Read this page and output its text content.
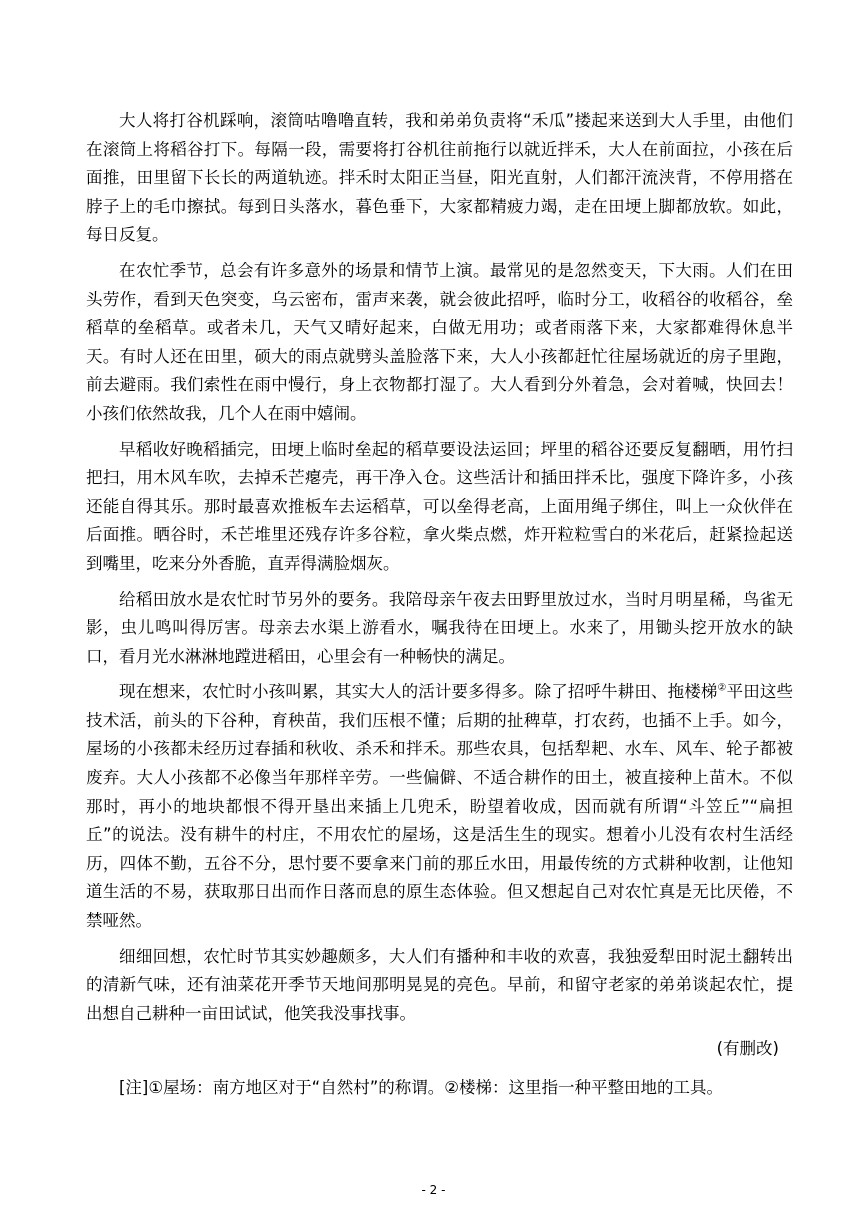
大人将打谷机踩响，滚筒咕噜噜直转，我和弟弟负责将“禾瓜”搂起来送到大人手里，由他们在滚筒上将稻谷打下。每隔一段，需要将打谷机往前拖行以就近拌禾，大人在前面拉，小孩在后面推，田里留下长长的两道轨迹。拌禾时太阳正当昼，阳光直射，人们都汗流浃背，不停用搭在脖子上的毛巾擦拭。每到日头落水，暮色垂下，大家都精疲力竭，走在田埂上脚都放软。如此，每日反复。

在农忙季节，总会有许多意外的场景和情节上演。最常见的是忽然变天，下大雨。人们在田头劳作，看到天色突变，乌云密布，雷声来袭，就会彼此招呼，临时分工，收稻谷的收稻谷，垒稻草的垒稻草。或者未几，天气又晴好起来，白做无用功；或者雨落下来，大家都难得休息半天。有时人还在田里，硕大的雨点就劈头盖脸落下来，大人小孩都赶忙往屋场就近的房子里跑，前去避雨。我们索性在雨中慢行，身上衣物都打湿了。大人看到分外着急，会对着喊，快回去！小孩们依然故我，几个人在雨中嬉闹。

早稻收好晚稻插完，田埂上临时垒起的稻草要设法运回；坪里的稻谷还要反复翻晒，用竹扫把扫，用木风车吹，去掉禾芒瘪壳，再干净入仓。这些活计和插田拌禾比，强度下降许多，小孩还能自得其乐。那时最喜欢推板车去运稻草，可以垒得老高，上面用绳子绑住，叫上一众伙伴在后面推。晒谷时，禾芒堆里还残存许多谷粒，拿火柴点燃，炸开粒粒雪白的米花后，赶紧捡起送到嘴里，吃来分外香脆，直弄得满脸烟灰。

给稻田放水是农忙时节另外的要务。我陪母亲午夜去田野里放过水，当时月明星稀，鸟雀无影，虫儿鸣叫得厉害。母亲去水渠上游看水，嘱我待在田埂上。水来了，用锄头挖开放水的缺口，看月光水淋淋地蹚进稻田，心里会有一种畅快的满足。

现在想来，农忙时小孩叫累，其实大人的活计要多得多。除了招呼牛耕田、拖楼梯②平田这些技术活，前头的下谷种，育秧苗，我们压根不懂；后期的扯稗草，打农药，也插不上手。如今，屋场的小孩都未经历过春插和秋收、杀禾和拌禾。那些农具，包括犁耙、水车、风车、轮子都被废弃。大人小孩都不必像当年那样辛劳。一些偏僻、不适合耕作的田土，被直接种上苗木。不似那时，再小的地块都恨不得开垦出来插上几兜禾，盼望着收成，因而就有所谓“斗笠丘”“扁担丘”的说法。没有耕牛的村庄，不用农忙的屋场，这是活生生的现实。想着小儿没有农村生活经历，四体不勤，五谷不分，思忖要不要拿来门前的那丘水田，用最传统的方式耕种收割，让他知道生活的不易，获取那日出而作日落而息的原生态体验。但又想起自己对农忙真是无比厌倦，不禁哑然。

细细回想，农忙时节其实妙趣颇多，大人们有播种和丰收的欢喜，我独爱犁田时泥土翻转出的清新气味，还有油菜花开季节天地间那明晃晃的亮色。早前，和留守老家的弟弟谈起农忙，提出想自己耕种一亩田试试，他笑我没事找事。

(有删改)

[注]①屋场：南方地区对于“自然村”的称谓。②楼梯：这里指一种平整田地的工具。

- 2 -
